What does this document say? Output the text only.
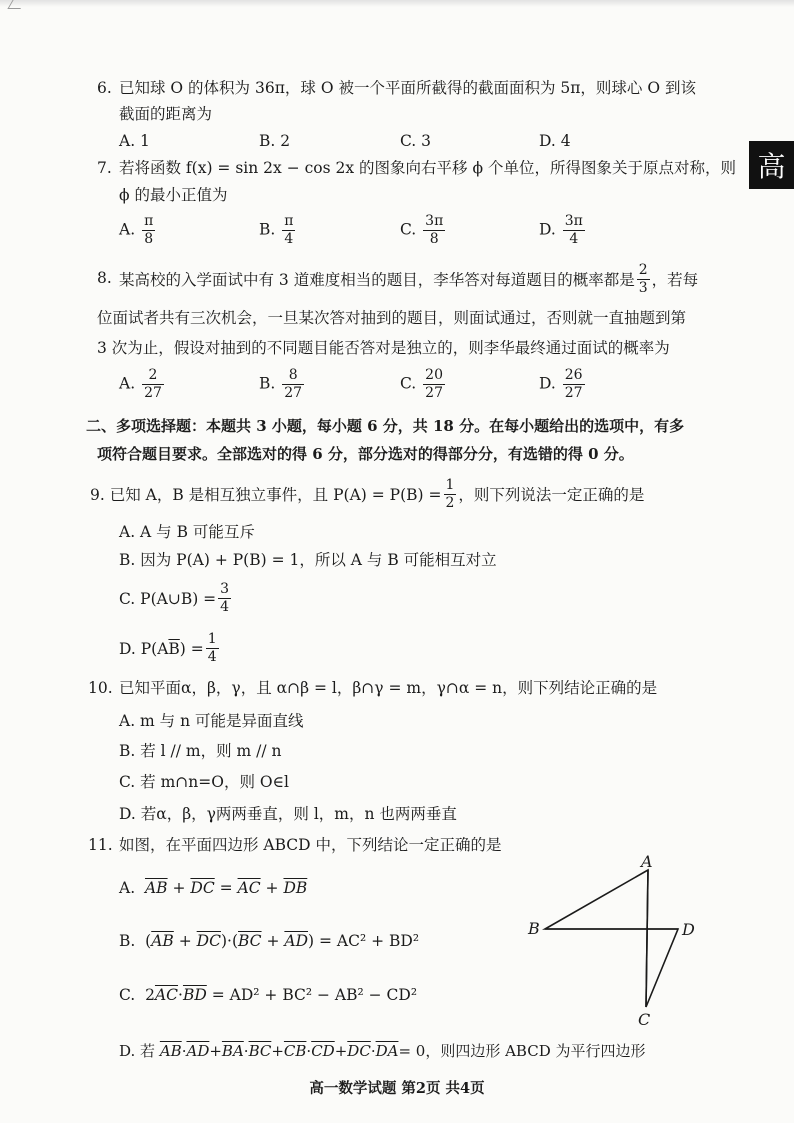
高
6. 已知球 O 的体积为 36π，球 O 被一个平面所截得的截面面积为 5π，则球心 O 到该
截面的距离为
A. 1	B. 2	C. 3	D. 4
7. 若将函数 f(x) = sin 2x − cos 2x 的图象向右平移 ϕ 个单位，所得图象关于原点对称，则
ϕ 的最小正值为
A. $\frac{\pi}{8}$	B. $\frac{\pi}{4}$	C. $\frac{3\pi}{8}$	D. $\frac{3\pi}{4}$
8. 某高校的入学面试中有 3 道难度相当的题目，李华答对每道题目的概率都是 $\frac{2}{3}$ ，若每
位面试者共有三次机会，一旦某次答对抽到的题目，则面试通过，否则就一直抽题到第
3 次为止，假设对抽到的不同题目能否答对是独立的，则李华最终通过面试的概率为
A. $\frac{2}{27}$	B. $\frac{8}{27}$	C. $\frac{20}{27}$	D. $\frac{26}{27}$
二、多项选择题：本题共 3 小题，每小题 6 分，共 18 分。在每小题给出的选项中，有多
项符合题目要求。全部选对的得 6 分，部分选对的得部分分，有选错的得 0 分。
9. 已知 A，B 是相互独立事件，且 $P(A) = P(B) = \frac{1}{2}$ ，则下列说法一定正确的是
A. A 与 B 可能互斥
B. 因为 P(A) + P(B) = 1，所以 A 与 B 可能相互对立
C. P(A∪B) = $\frac{3}{4}$
D. $P(A\overline{B}) = \frac{1}{4}$
10. 已知平面α，β，γ，且 α∩β = l，β∩γ = m，γ∩α = n，则下列结论正确的是
A. m 与 n 可能是异面直线
B. 若 l // m，则 m // n
C. 若 m∩n=O，则 O∈l
D. 若α，β，γ两两垂直，则 l，m，n 也两两垂直
11. 如图，在平面四边形 ABCD 中，下列结论一定正确的是
A. $\overline{AB} + \overline{DC} = \overline{AC} + \overline{DB}$
B.  $(\overline{AB} + \overline{DC})\cdot(\overline{BC} + \overline{AD}) = AC^2 + BD^2$
C. $2\overline{AC}\cdot\overline{BD} = AD^2 + BC^2 - AB^2 - CD^2$
D. 若 $\overline{AB}\cdot\overline{AD}+\overline{BA}\cdot\overline{BC}+\overline{CB}\cdot\overline{CD}+\overline{DC}\cdot\overline{DA}= 0$，则四边形 ABCD 为平行四边形
A
B	D
C
高一数学试题 第2页 共4页
